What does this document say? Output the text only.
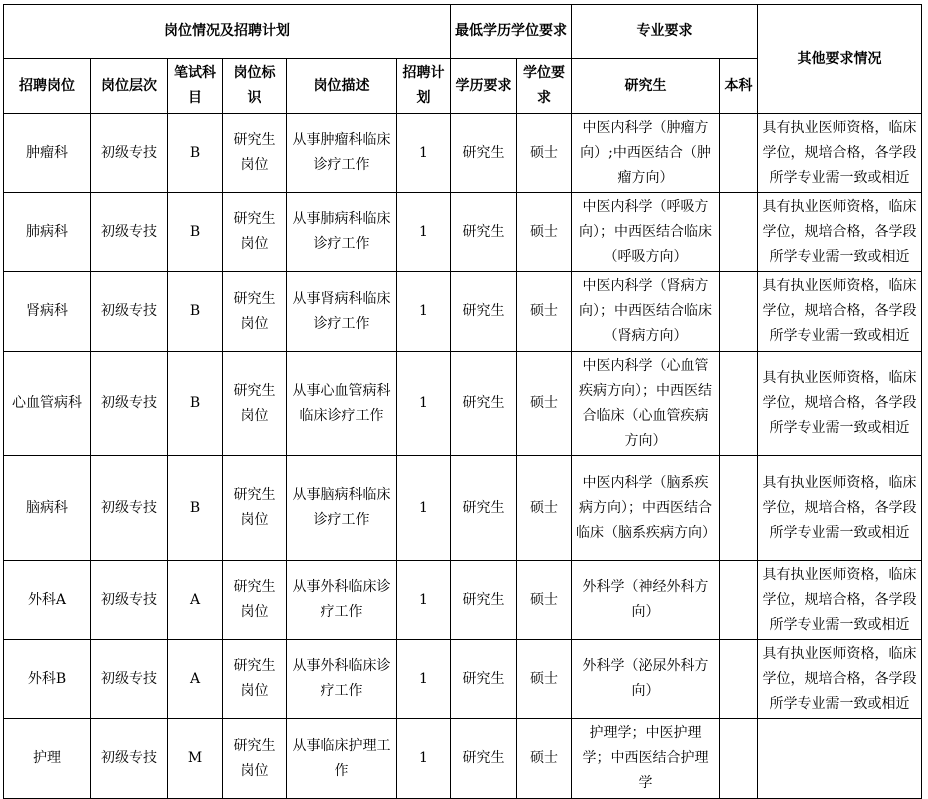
岗位情况及招聘计划						最低学历学位要求		专业要求		其他要求情况
招聘岗位	岗位层次	笔试科目	岗位标识	岗位描述	招聘计划	学历要求	学位要求	研究生	本科	
肿瘤科	初级专技	B	研究生岗位	从事肿瘤科临床诊疗工作	1	研究生	硕士	中医内科学（肿瘤方向）;中西医结合（肿瘤方向）		具有执业医师资格，临床学位，规培合格，各学段所学专业需一致或相近
肺病科	初级专技	B	研究生岗位	从事肺病科临床诊疗工作	1	研究生	硕士	中医内科学（呼吸方向）；中西医结合临床（呼吸方向）		具有执业医师资格，临床学位，规培合格，各学段所学专业需一致或相近
肾病科	初级专技	B	研究生岗位	从事肾病科临床诊疗工作	1	研究生	硕士	中医内科学（肾病方向）；中西医结合临床（肾病方向）		具有执业医师资格，临床学位，规培合格，各学段所学专业需一致或相近
心血管病科	初级专技	B	研究生岗位	从事心血管病科临床诊疗工作	1	研究生	硕士	中医内科学（心血管疾病方向）；中西医结合临床（心血管疾病方向）		具有执业医师资格，临床学位，规培合格，各学段所学专业需一致或相近
脑病科	初级专技	B	研究生岗位	从事脑病科临床诊疗工作	1	研究生	硕士	中医内科学（脑系疾病方向）；中西医结合临床（脑系疾病方向）		具有执业医师资格，临床学位，规培合格，各学段所学专业需一致或相近
外科A	初级专技	A	研究生岗位	从事外科临床诊疗工作	1	研究生	硕士	外科学（神经外科方向）		具有执业医师资格，临床学位，规培合格，各学段所学专业需一致或相近
外科B	初级专技	A	研究生岗位	从事外科临床诊疗工作	1	研究生	硕士	外科学（泌尿外科方向）		具有执业医师资格，临床学位，规培合格，各学段所学专业需一致或相近
护理	初级专技	M	研究生岗位	从事临床护理工作	1	研究生	硕士	护理学；中医护理学；中西医结合护理学		
